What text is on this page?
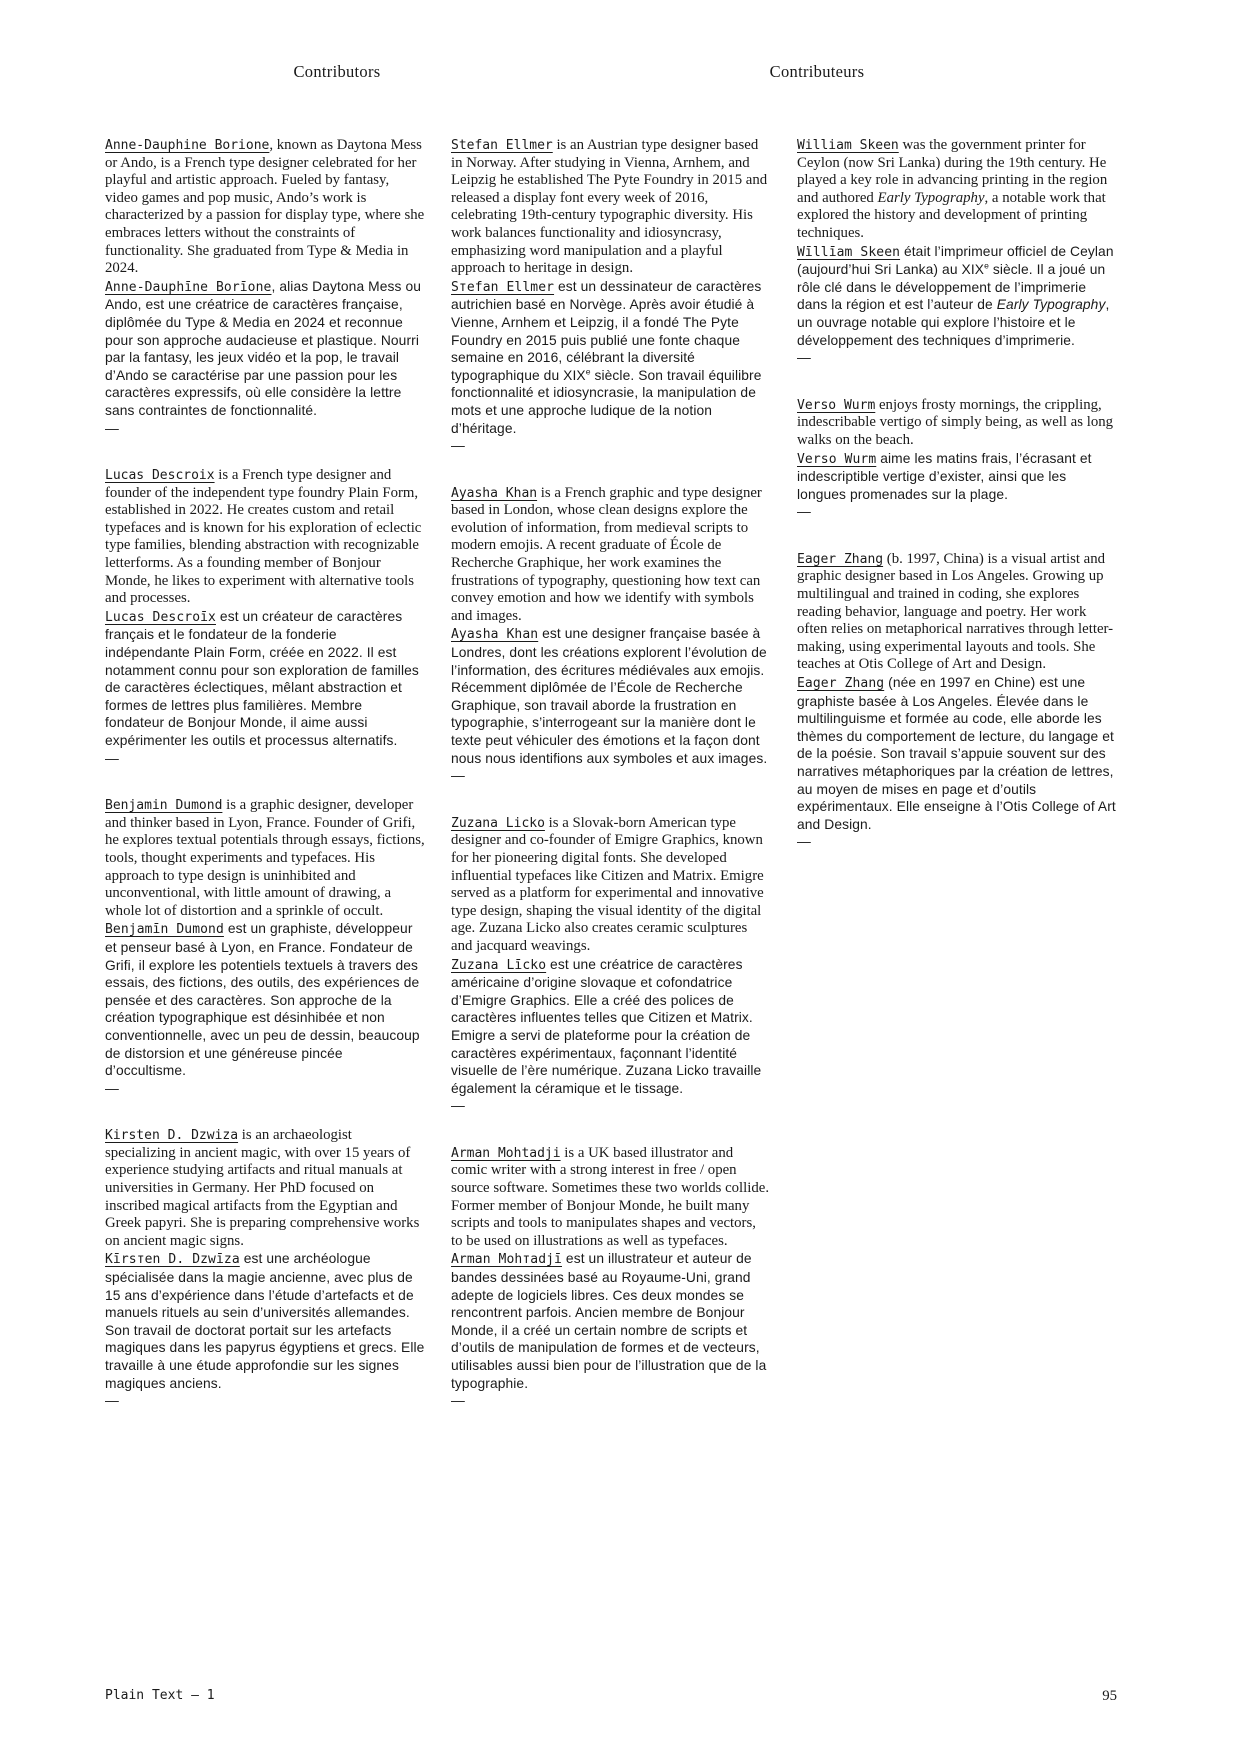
Contributors	Contributeurs

Anne-Dauphine Borione, known as Daytona Mess or Ando, is a French type designer celebrated for her playful and artistic approach. Fueled by fantasy, video games and pop music, Ando’s work is characterized by a passion for display type, where she embraces letters without the constraints of functionality. She graduated from Type & Media in 2024.

Anne-Dauphīne Borīone, alias Daytona Mess ou Ando, est une créatrice de caractères française, diplômée du Type & Media en 2024 et reconnue pour son approche audacieuse et plastique. Nourri par la fantasy, les jeux vidéo et la pop, le travail d’Ando se caractérise par une passion pour les caractères expressifs, où elle considère la lettre sans contraintes de fonctionnalité.

—

Lucas Descroix is a French type designer and founder of the independent type foundry Plain Form, established in 2022. He creates custom and retail typefaces and is known for his exploration of eclectic type families, blending abstraction with recognizable letterforms. As a founding member of Bonjour Monde, he likes to experiment with alternative tools and processes.

Lucas Descroīx est un créateur de caractères français et le fondateur de la fonderie indépendante Plain Form, créée en 2022. Il est notamment connu pour son exploration de familles de caractères éclectiques, mêlant abstraction et formes de lettres plus familières. Membre fondateur de Bonjour Monde, il aime aussi expérimenter les outils et processus alternatifs.

—

Benjamin Dumond is a graphic designer, developer and thinker based in Lyon, France. Founder of Grifi, he explores textual potentials through essays, fictions, tools, thought experiments and typefaces. His approach to type design is uninhibited and unconventional, with little amount of drawing, a whole lot of distortion and a sprinkle of occult.

Benjamīn Dumond est un graphiste, développeur et penseur basé à Lyon, en France. Fondateur de Grifi, il explore les potentiels textuels à travers des essais, des fictions, des outils, des expériences de pensée et des caractères. Son approche de la création typographique est désinhibée et non conventionnelle, avec un peu de dessin, beaucoup de distorsion et une généreuse pincée d’occultisme.

—

Kirsten D. Dzwiza is an archaeologist specializing in ancient magic, with over 15 years of experience studying artifacts and ritual manuals at universities in Germany. Her PhD focused on inscribed magical artifacts from the Egyptian and Greek papyri. She is preparing comprehensive works on ancient magic signs.

Kīrsтen D. Dzwīza est une archéologue spécialisée dans la magie ancienne, avec plus de 15 ans d’expérience dans l’étude d’artefacts et de manuels rituels au sein d’universités allemandes. Son travail de doctorat portait sur les artefacts magiques dans les papyrus égyptiens et grecs. Elle travaille à une étude approfondie sur les signes magiques anciens.

—

Stefan Ellmer is an Austrian type designer based in Norway. After studying in Vienna, Arnhem, and Leipzig he established The Pyte Foundry in 2015 and released a display font every week of 2016, celebrating 19th-century typographic diversity. His work balances functionality and idiosyncrasy, emphasizing word manipulation and a playful approach to heritage in design.

Sтefan Ellmer est un dessinateur de caractères autrichien basé en Norvège. Après avoir étudié à Vienne, Arnhem et Leipzig, il a fondé The Pyte Foundry en 2015 puis publié une fonte chaque semaine en 2016, célébrant la diversité typographique du XIXe siècle. Son travail équilibre fonctionnalité et idiosyncrasie, la manipulation de mots et une approche ludique de la notion d’héritage.

—

Ayasha Khan is a French graphic and type designer based in London, whose clean designs explore the evolution of information, from medieval scripts to modern emojis. A recent graduate of École de Recherche Graphique, her work examines the frustrations of typography, questioning how text can convey emotion and how we identify with symbols and images.

Ayasha Khan est une designer française basée à Londres, dont les créations explorent l’évolution de l’information, des écritures médiévales aux emojis. Récemment diplômée de l’École de Recherche Graphique, son travail aborde la frustration en typographie, s’interrogeant sur la manière dont le texte peut véhiculer des émotions et la façon dont nous nous identifions aux symboles et aux images.

—

Zuzana Licko is a Slovak-born American type designer and co-founder of Emigre Graphics, known for her pioneering digital fonts. She developed influential typefaces like Citizen and Matrix. Emigre served as a platform for experimental and innovative type design, shaping the visual identity of the digital age. Zuzana Licko also creates ceramic sculptures and jacquard weavings.

Zuzana Līcko est une créatrice de caractères américaine d’origine slovaque et cofondatrice d’Emigre Graphics. Elle a créé des polices de caractères influentes telles que Citizen et Matrix. Emigre a servi de plateforme pour la création de caractères expérimentaux, façonnant l’identité visuelle de l’ère numérique. Zuzana Licko travaille également la céramique et le tissage.

—

Arman Mohtadji is a UK based illustrator and comic writer with a strong interest in free / open source software. Sometimes these two worlds collide. Former member of Bonjour Monde, he built many scripts and tools to manipulates shapes and vectors, to be used on illustrations as well as typefaces.

Arman Mohтadjī est un illustrateur et auteur de bandes dessinées basé au Royaume-Uni, grand adepte de logiciels libres. Ces deux mondes se rencontrent parfois. Ancien membre de Bonjour Monde, il a créé un certain nombre de scripts et d’outils de manipulation de formes et de vecteurs, utilisables aussi bien pour de l’illustration que de la typographie.

—

William Skeen was the government printer for Ceylon (now Sri Lanka) during the 19th century. He played a key role in advancing printing in the region and authored Early Typography, a notable work that explored the history and development of printing techniques.

Wīllīam Skeen était l’imprimeur officiel de Ceylan (aujourd’hui Sri Lanka) au XIXe siècle. Il a joué un rôle clé dans le développement de l’imprimerie dans la région et est l’auteur de Early Typography, un ouvrage notable qui explore l’histoire et le développement des techniques d’imprimerie.

—

Verso Wurm enjoys frosty mornings, the crippling, indescribable vertigo of simply being, as well as long walks on the beach.

Verso Wurm aime les matins frais, l’écrasant et indescriptible vertige d’exister, ainsi que les longues promenades sur la plage.

—

Eager Zhang (b. 1997, China) is a visual artist and graphic designer based in Los Angeles. Growing up multilingual and trained in coding, she explores reading behavior, language and poetry. Her work often relies on metaphorical narratives through letter-making, using experimental layouts and tools. She teaches at Otis College of Art and Design.

Eager Zhang (née en 1997 en Chine) est une graphiste basée à Los Angeles. Élevée dans le multilinguisme et formée au code, elle aborde les thèmes du comportement de lecture, du langage et de la poésie. Son travail s’appuie souvent sur des narratives métaphoriques par la création de lettres, au moyen de mises en page et d’outils expérimentaux. Elle enseigne à l’Otis College of Art and Design.

—
Plain Text – 1	95
